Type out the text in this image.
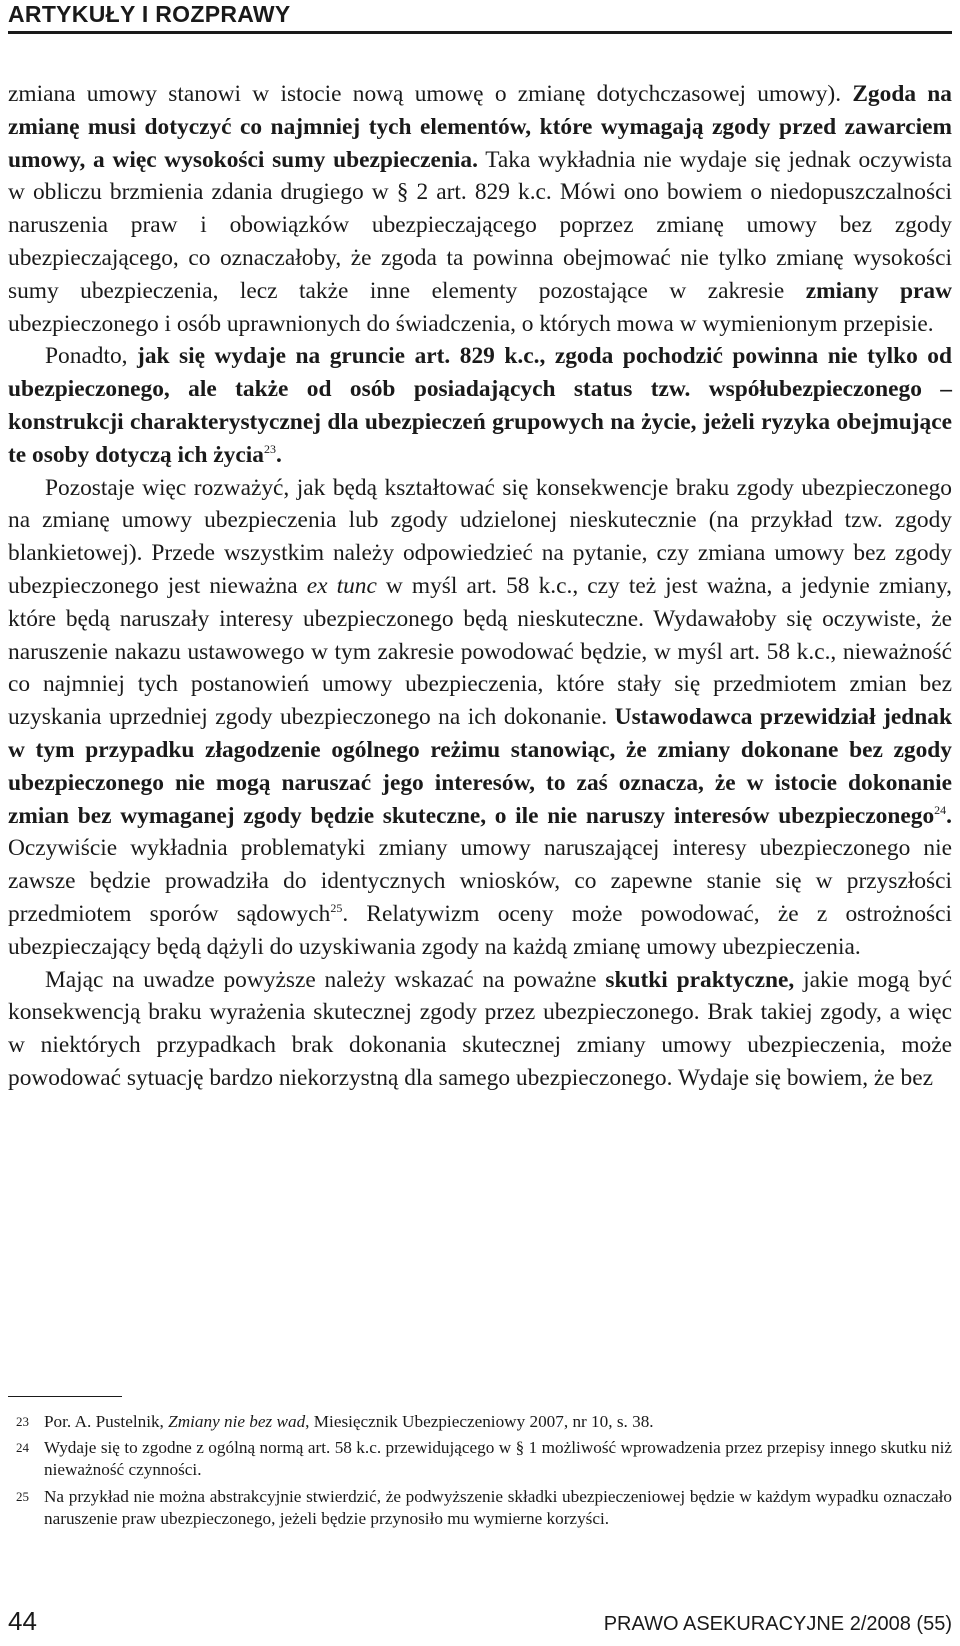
ARTYKUŁY I ROZPRAWY

zmiana umowy stanowi w istocie nową umowę o zmianę dotychczasowej umowy). Zgoda na zmianę musi dotyczyć co najmniej tych elementów, które wymagają zgody przed zawarciem umowy, a więc wysokości sumy ubezpieczenia. Taka wykładnia nie wydaje się jednak oczywista w obliczu brzmienia zdania drugiego w § 2 art. 829 k.c. Mówi ono bowiem o niedopuszczalności naruszenia praw i obowiązków ubezpieczającego poprzez zmianę umowy bez zgody ubezpieczającego, co oznaczałoby, że zgoda ta powinna obejmować nie tylko zmianę wysokości sumy ubezpieczenia, lecz także inne elementy pozostające w zakresie zmiany praw ubezpieczonego i osób uprawnionych do świadczenia, o których mowa w wymienionym przepisie.

Ponadto, jak się wydaje na gruncie art. 829 k.c., zgoda pochodzić powinna nie tylko od ubezpieczonego, ale także od osób posiadających status tzw. współubezpieczonego – konstrukcji charakterystycznej dla ubezpieczeń grupowych na życie, jeżeli ryzyka obejmujące te osoby dotyczą ich życia$^{23}$.

Pozostaje więc rozważyć, jak będą kształtować się konsekwencje braku zgody ubezpieczonego na zmianę umowy ubezpieczenia lub zgody udzielonej nieskutecznie (na przykład tzw. zgody blankietowej). Przede wszystkim należy odpowiedzieć na pytanie, czy zmiana umowy bez zgody ubezpieczonego jest nieważna ex tunc w myśl art. 58 k.c., czy też jest ważna, a jedynie zmiany, które będą naruszały interesy ubezpieczonego będą nieskuteczne. Wydawałoby się oczywiste, że naruszenie nakazu ustawowego w tym zakresie powodować będzie, w myśl art. 58 k.c., nieważność co najmniej tych postanowień umowy ubezpieczenia, które stały się przedmiotem zmian bez uzyskania uprzedniej zgody ubezpieczonego na ich dokonanie. Ustawodawca przewidział jednak w tym przypadku złagodzenie ogólnego reżimu stanowiąc, że zmiany dokonane bez zgody ubezpieczonego nie mogą naruszać jego interesów, to zaś oznacza, że w istocie dokonanie zmian bez wymaganej zgody będzie skuteczne, o ile nie naruszy interesów ubezpieczonego$^{24}$. Oczywiście wykładnia problematyki zmiany umowy naruszającej interesy ubezpieczonego nie zawsze będzie prowadziła do identycznych wniosków, co zapewne stanie się w przyszłości przedmiotem sporów sądowych$^{25}$. Relatywizm oceny może powodować, że z ostrożności ubezpieczający będą dążyli do uzyskiwania zgody na każdą zmianę umowy ubezpieczenia.

Mając na uwadze powyższe należy wskazać na poważne skutki praktyczne, jakie mogą być konsekwencją braku wyrażenia skutecznej zgody przez ubezpieczonego. Brak takiej zgody, a więc w niektórych przypadkach brak dokonania skutecznej zmiany umowy ubezpieczenia, może powodować sytuację bardzo niekorzystną dla samego ubezpieczonego. Wydaje się bowiem, że bez

23 Por. A. Pustelnik, Zmiany nie bez wad, Miesięcznik Ubezpieczeniowy 2007, nr 10, s. 38.
24 Wydaje się to zgodne z ogólną normą art. 58 k.c. przewidującego w § 1 możliwość wprowadzenia przez przepisy innego skutku niż nieważność czynności.
25 Na przykład nie można abstrakcyjnie stwierdzić, że podwyższenie składki ubezpieczeniowej będzie w każdym wypadku oznaczało naruszenie praw ubezpieczonego, jeżeli będzie przynosiło mu wymierne korzyści.
44	PRAWO ASEKURACYJNE 2/2008 (55)
